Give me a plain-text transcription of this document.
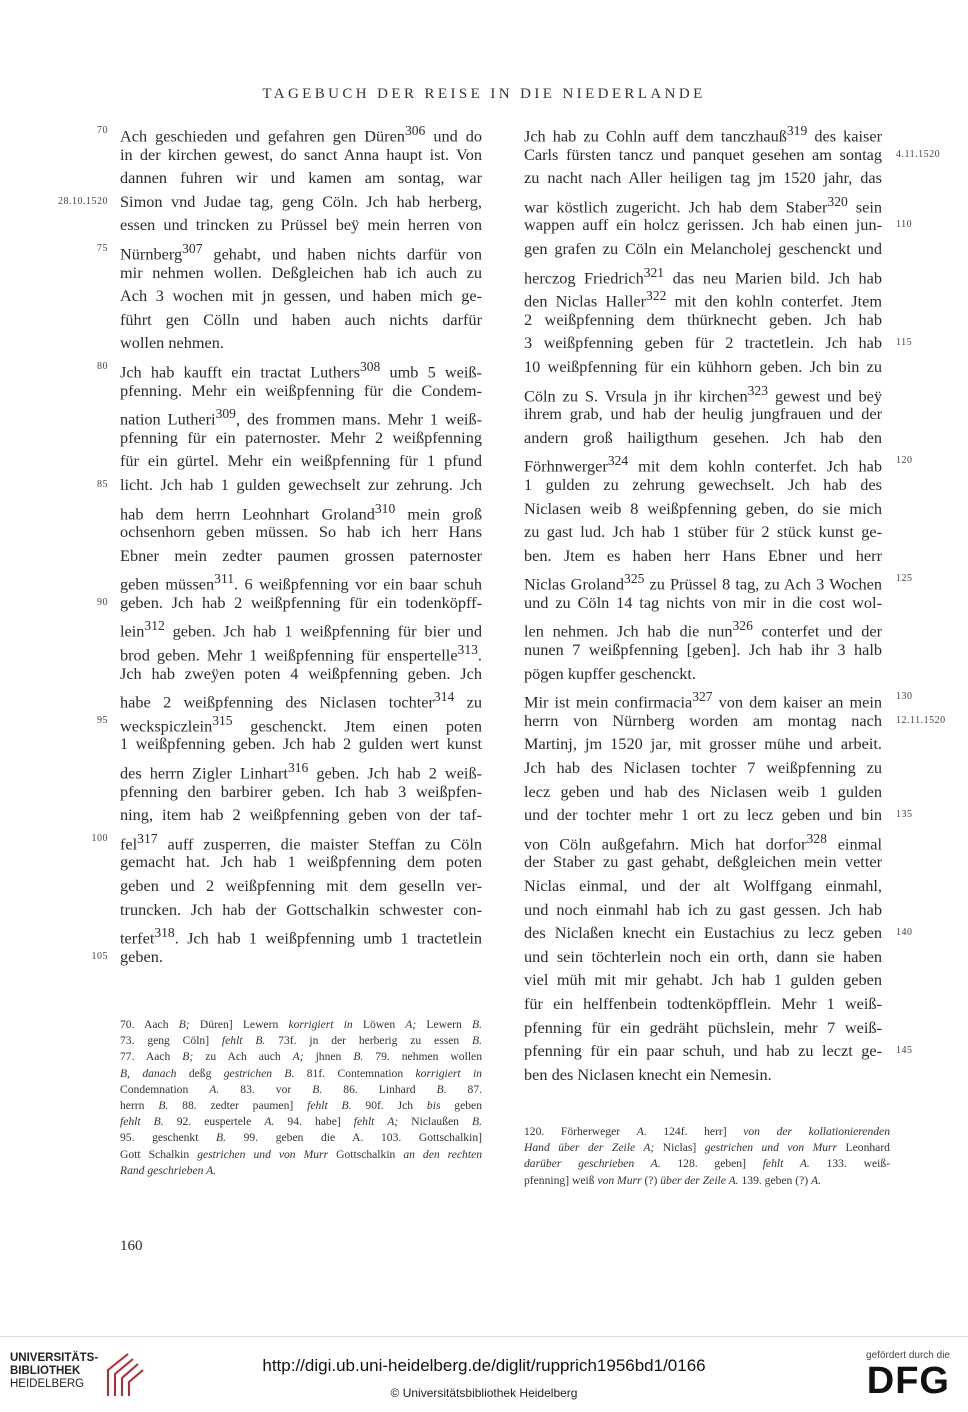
TAGEBUCH DER REISE IN DIE NIEDERLANDE
Ach geschieden und gefahren gen Düren$^{306}$ und do
70
in der kirchen gewest, do sanct Anna haupt ist. Von
dannen fuhren wir und kamen am sontag, war
Simon vnd Judae tag, geng Cöln. Jch hab herberg,
28.10.1520
essen und trincken zu Prüssel beÿ mein herren von
Nürnberg$^{307}$ gehabt, und haben nichts darfür von
75
mir nehmen wollen. Deßgleichen hab ich auch zu
Ach 3 wochen mit jn gessen, und haben mich ge-
führt gen Cölln und haben auch nichts darfür
wollen nehmen.
Jch hab kaufft ein tractat Luthers$^{308}$ umb 5 weiß-
80
pfenning. Mehr ein weißpfenning für die Condem-
nation Lutheri$^{309}$, des frommen mans. Mehr 1 weiß-
pfenning für ein paternoster. Mehr 2 weißpfenning
für ein gürtel. Mehr ein weißpfenning für 1 pfund
licht. Jch hab 1 gulden gewechselt zur zehrung. Jch
85
hab dem herrn Leohnhart Groland$^{310}$ mein groß
ochsenhorn geben müssen. So hab ich herr Hans
Ebner mein zedter paumen grossen paternoster
geben müssen$^{311}$. 6 weißpfenning vor ein baar schuh
geben. Jch hab 2 weißpfenning für ein todenköpff-
90
lein$^{312}$ geben. Jch hab 1 weißpfenning für bier und
brod geben. Mehr 1 weißpfenning für enspertelle$^{313}$.
Jch hab zweÿen poten 4 weißpfenning geben. Jch
habe 2 weißpfenning des Niclasen tochter$^{314}$ zu
weckspiczlein$^{315}$ geschenckt. Jtem einen poten
95
1 weißpfenning geben. Jch hab 2 gulden wert kunst
des herrn Zigler Linhart$^{316}$ geben. Jch hab 2 weiß-
pfenning den barbirer geben. Ich hab 3 weißpfen-
ning, item hab 2 weißpfenning geben von der taf-
fel$^{317}$ auff zusperren, die maister Steffan zu Cöln
100
gemacht hat. Jch hab 1 weißpfenning dem poten
geben und 2 weißpfenning mit dem geselln ver-
truncken. Jch hab der Gottschalkin schwester con-
terfet$^{318}$. Jch hab 1 weißpfenning umb 1 tractetlein
geben.
105
Jch hab zu Cohln auff dem tanczhauß$^{319}$ des kaiser
Carls fürsten tancz und panquet gesehen am sontag 4.11.1520
zu nacht nach Aller heiligen tag jm 1520 jahr, das
war köstlich zugericht. Jch hab dem Staber$^{320}$ sein
wappen auff ein holcz gerissen. Jch hab einen jun- 110
gen grafen zu Cöln ein Melancholej geschenckt und
herczog Friedrich$^{321}$ das neu Marien bild. Jch hab
den Niclas Haller$^{322}$ mit den kohln conterfet. Jtem
2 weißpfenning dem thürknecht geben. Jch hab
3 weißpfenning geben für 2 tractetlein. Jch hab 115
10 weißpfenning für ein kühhorn geben. Jch bin zu
Cöln zu S. Vrsula jn ihr kirchen$^{323}$ gewest und beÿ
ihrem grab, und hab der heulig jungfrauen und der
andern groß hailigthum gesehen. Jch hab den
Förhnwerger$^{324}$ mit dem kohln conterfet. Jch hab 120
1 gulden zu zehrung gewechselt. Jch hab des
Niclasen weib 8 weißpfenning geben, do sie mich
zu gast lud. Jch hab 1 stüber für 2 stück kunst ge-
ben. Jtem es haben herr Hans Ebner und herr
Niclas Groland$^{325}$ zu Prüssel 8 tag, zu Ach 3 Wochen 125
und zu Cöln 14 tag nichts von mir in die cost wol-
len nehmen. Jch hab die nun$^{326}$ conterfet und der
nunen 7 weißpfenning [geben]. Jch hab ihr 3 halb
pögen kupffer geschenckt.
Mir ist mein confirmacia$^{327}$ von dem kaiser an mein 130
herrn von Nürnberg worden am montag nach 12.11.1520
Martinj, jm 1520 jar, mit grosser mühe und arbeit.
Jch hab des Niclasen tochter 7 weißpfenning zu
lecz geben und hab des Niclasen weib 1 gulden
und der tochter mehr 1 ort zu lecz geben und bin 135
von Cöln außgefahrn. Mich hat dorfor$^{328}$ einmal
der Staber zu gast gehabt, deßgleichen mein vetter
Niclas einmal, und der alt Wolffgang einmahl,
und noch einmahl hab ich zu gast gessen. Jch hab
des Niclaßen knecht ein Eustachius zu lecz geben 140
und sein töchterlein noch ein orth, dann sie haben
viel müh mit mir gehabt. Jch hab 1 gulden geben
für ein helffenbein todtenköpfflein. Mehr 1 weiß-
pfenning für ein gedräht püchslein, mehr 7 weiß-
pfenning für ein paar schuh, und hab zu leczt ge- 145
ben des Niclasen knecht ein Nemesin.
70. Aach B; Düren] Lewern korrigiert in Löwen A; Lewern B.
73. geng Cöln] fehlt B. 73f. jn der herberig zu essen B.
77. Aach B; zu Ach auch A; jhnen B. 79. nehmen wollen
B, danach deßg gestrichen B. 81f. Contemnation korrigiert in
Condemnation A. 83. vor B. 86. Linhard B. 87.
herrn B. 88. zedter paumen] fehlt B. 90f. Jch bis geben
fehlt B. 92. euspertele A. 94. habe] fehlt A; Niclaußen B.
95. geschenkt B. 99. geben die A. 103. Gottschalkin]
Gott Schalkin gestrichen und von Murr Gottschalkin an den rechten
Rand geschrieben A.
120. Förherweger A. 124f. herr] von der kollationierenden
Hand über der Zeile A; Niclas] gestrichen und von Murr Leonhard
darüber geschrieben A. 128. geben] fehlt A. 133. weiß-
pfenning] weiß von Murr (?) über der Zeile A. 139. geben (?) A.
160
UNIVERSITÄTS-
BIBLIOTHEK
HEIDELBERG
http://digi.ub.uni-heidelberg.de/diglit/rupprich1956bd1/0166
© Universitätsbibliothek Heidelberg
gefördert durch die
DFG
